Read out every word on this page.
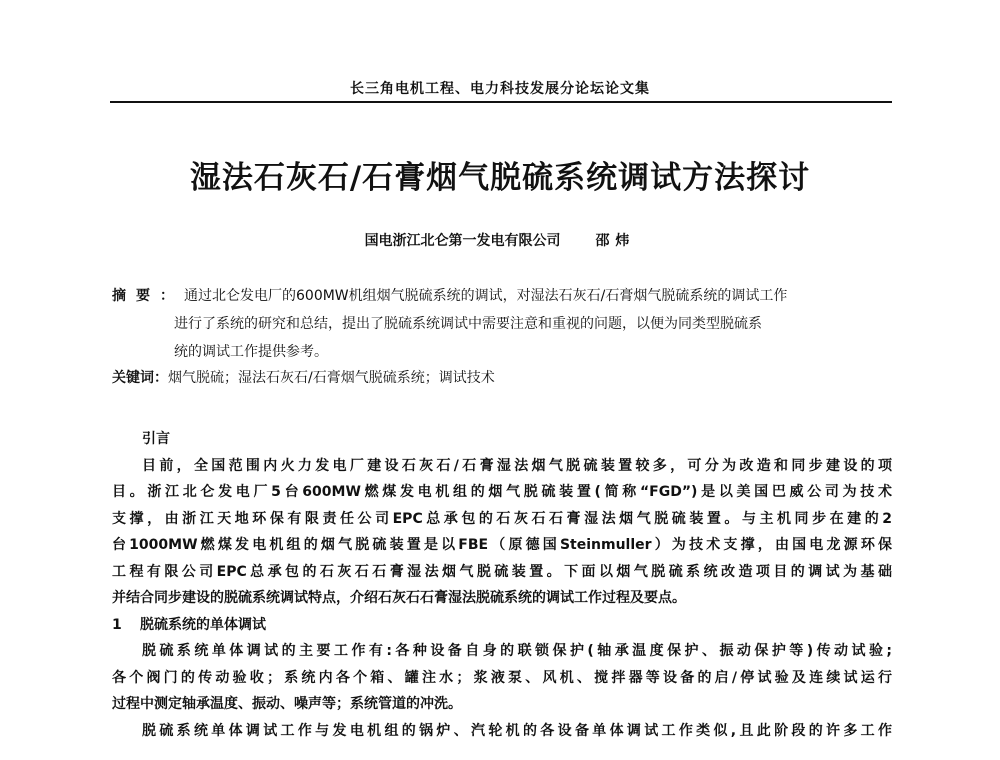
长三角电机工程、电力科技发展分论坛论文集
湿法石灰石/石膏烟气脱硫系统调试方法探讨
国电浙江北仑第一发电有限公司 邵炜
摘要：通过北仑发电厂的600MW机组烟气脱硫系统的调试，对湿法石灰石/石膏烟气脱硫系统的调试工作
进行了系统的研究和总结，提出了脱硫系统调试中需要注意和重视的问题，以便为同类型脱硫系
统的调试工作提供参考。
关键词：烟气脱硫；湿法石灰石/石膏烟气脱硫系统；调试技术
引言
目前，全国范围内火力发电厂建设石灰石/石膏湿法烟气脱硫装置较多，可分为改造和同步建设的项
目。浙江北仑发电厂5台600MW燃煤发电机组的烟气脱硫装置(简称“FGD”)是以美国巴威公司为技术
支撑，由浙江天地环保有限责任公司EPC总承包的石灰石石膏湿法烟气脱硫装置。与主机同步在建的2
台1000MW燃煤发电机组的烟气脱硫装置是以FBE（原德国Steinmuller）为技术支撑，由国电龙源环保
工程有限公司EPC总承包的石灰石石膏湿法烟气脱硫装置。下面以烟气脱硫系统改造项目的调试为基础
并结合同步建设的脱硫系统调试特点，介绍石灰石石膏湿法脱硫系统的调试工作过程及要点。
1 脱硫系统的单体调试
脱硫系统单体调试的主要工作有:各种设备自身的联锁保护(轴承温度保护、振动保护等)传动试验;
各个阀门的传动验收；系统内各个箱、罐注水；浆液泵、风机、搅拌器等设备的启/停试验及连续试运行
过程中测定轴承温度、振动、噪声等；系统管道的冲洗。
脱硫系统单体调试工作与发电机组的锅炉、汽轮机的各设备单体调试工作类似,且此阶段的许多工作
